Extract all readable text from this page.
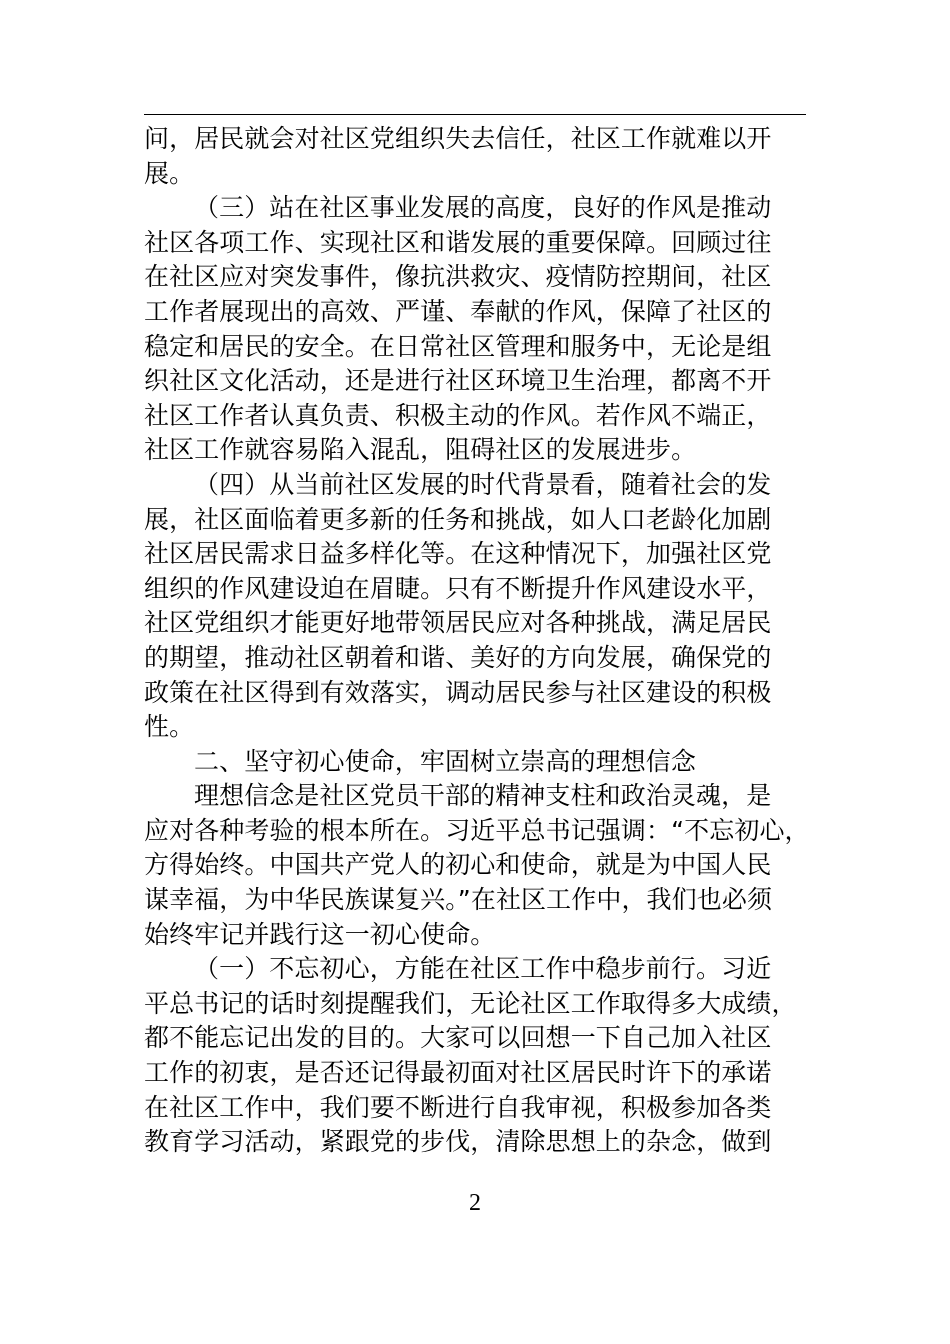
问，居民就会对社区党组织失去信任，社区工作就难以开
展。
（三）站在社区事业发展的高度，良好的作风是推动
社区各项工作、实现社区和谐发展的重要保障。回顾过往
在社区应对突发事件，像抗洪救灾、疫情防控期间，社区
工作者展现出的高效、严谨、奉献的作风，保障了社区的
稳定和居民的安全。在日常社区管理和服务中，无论是组
织社区文化活动，还是进行社区环境卫生治理，都离不开
社区工作者认真负责、积极主动的作风。若作风不端正，
社区工作就容易陷入混乱，阻碍社区的发展进步。
（四）从当前社区发展的时代背景看，随着社会的发
展，社区面临着更多新的任务和挑战，如人口老龄化加剧
社区居民需求日益多样化等。在这种情况下，加强社区党
组织的作风建设迫在眉睫。只有不断提升作风建设水平，
社区党组织才能更好地带领居民应对各种挑战，满足居民
的期望，推动社区朝着和谐、美好的方向发展，确保党的
政策在社区得到有效落实，调动居民参与社区建设的积极
性。
二、坚守初心使命，牢固树立崇高的理想信念
理想信念是社区党员干部的精神支柱和政治灵魂，是
应对各种考验的根本所在。习近平总书记强调：“不忘初心，
方得始终。中国共产党人的初心和使命，就是为中国人民
谋幸福，为中华民族谋复兴。”在社区工作中，我们也必须
始终牢记并践行这一初心使命。
（一）不忘初心，方能在社区工作中稳步前行。习近
平总书记的话时刻提醒我们，无论社区工作取得多大成绩，
都不能忘记出发的目的。大家可以回想一下自己加入社区
工作的初衷，是否还记得最初面对社区居民时许下的承诺
在社区工作中，我们要不断进行自我审视，积极参加各类
教育学习活动，紧跟党的步伐，清除思想上的杂念，做到
2
